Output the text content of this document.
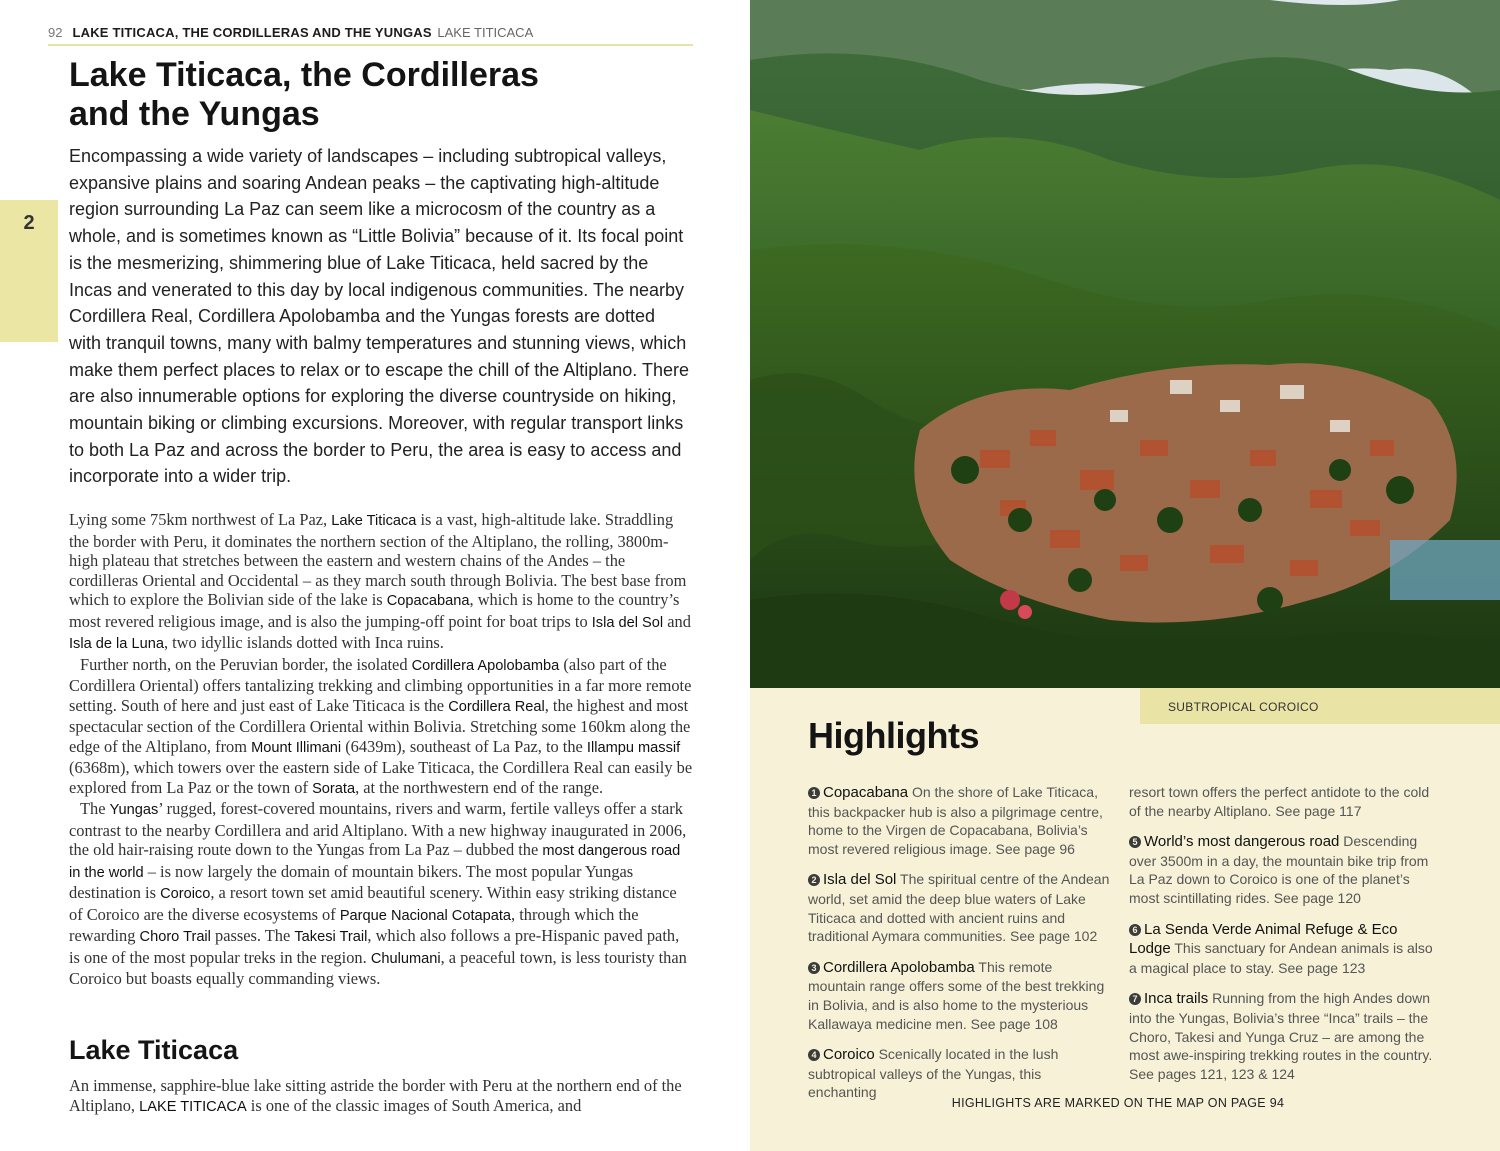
92 LAKE TITICACA, THE CORDILLERAS AND THE YUNGAS LAKE TITICACA
2
Lake Titicaca, the Cordilleras
and the Yungas

Encompassing a wide variety of landscapes – including subtropical valleys, expansive plains and soaring Andean peaks – the captivating high-altitude region surrounding La Paz can seem like a microcosm of the country as a whole, and is sometimes known as “Little Bolivia” because of it. Its focal point is the mesmerizing, shimmering blue of Lake Titicaca, held sacred by the Incas and venerated to this day by local indigenous communities. The nearby Cordillera Real, Cordillera Apolobamba and the Yungas forests are dotted with tranquil towns, many with balmy temperatures and stunning views, which make them perfect places to relax or to escape the chill of the Altiplano. There are also innumerable options for exploring the diverse countryside on hiking, mountain biking or climbing excursions. Moreover, with regular transport links to both La Paz and across the border to Peru, the area is easy to access and incorporate into a wider trip.

Lying some 75km northwest of La Paz, Lake Titicaca is a vast, high-altitude lake. Straddling the border with Peru, it dominates the northern section of the Altiplano, the rolling, 3800m-high plateau that stretches between the eastern and western chains of the Andes – the cordilleras Oriental and Occidental – as they march south through Bolivia. The best base from which to explore the Bolivian side of the lake is Copacabana, which is home to the country’s most revered religious image, and is also the jumping-off point for boat trips to Isla del Sol and Isla de la Luna, two idyllic islands dotted with Inca ruins.

Further north, on the Peruvian border, the isolated Cordillera Apolobamba (also part of the Cordillera Oriental) offers tantalizing trekking and climbing opportunities in a far more remote setting. South of here and just east of Lake Titicaca is the Cordillera Real, the highest and most spectacular section of the Cordillera Oriental within Bolivia. Stretching some 160km along the edge of the Altiplano, from Mount Illimani (6439m), southeast of La Paz, to the Illampu massif (6368m), which towers over the eastern side of Lake Titicaca, the Cordillera Real can easily be explored from La Paz or the town of Sorata, at the northwestern end of the range.

The Yungas’ rugged, forest-covered mountains, rivers and warm, fertile valleys offer a stark contrast to the nearby Cordillera and arid Altiplano. With a new highway inaugurated in 2006, the old hair-raising route down to the Yungas from La Paz – dubbed the most dangerous road in the world – is now largely the domain of mountain bikers. The most popular Yungas destination is Coroico, a resort town set amid beautiful scenery. Within easy striking distance of Coroico are the diverse ecosystems of Parque Nacional Cotapata, through which the rewarding Choro Trail passes. The Takesi Trail, which also follows a pre-Hispanic paved path, is one of the most popular treks in the region. Chulumani, a peaceful town, is less touristy than Coroico but boasts equally commanding views.

Lake Titicaca

An immense, sapphire-blue lake sitting astride the border with Peru at the northern end of the Altiplano, LAKE TITICACA is one of the classic images of South America, and

SUBTROPICAL COROICO
Highlights
1 Copacabana On the shore of Lake Titicaca, this backpacker hub is also a pilgrimage centre, home to the Virgen de Copacabana, Bolivia’s most revered religious image. See page 96
2 Isla del Sol The spiritual centre of the Andean world, set amid the deep blue waters of Lake Titicaca and dotted with ancient ruins and traditional Aymara communities. See page 102
3 Cordillera Apolobamba This remote mountain range offers some of the best trekking in Bolivia, and is also home to the mysterious Kallawaya medicine men. See page 108
4 Coroico Scenically located in the lush subtropical valleys of the Yungas, this enchanting
resort town offers the perfect antidote to the cold of the nearby Altiplano. See page 117
5 World’s most dangerous road Descending over 3500m in a day, the mountain bike trip from La Paz down to Coroico is one of the planet’s most scintillating rides. See page 120
6 La Senda Verde Animal Refuge & Eco Lodge This sanctuary for Andean animals is also a magical place to stay. See page 123
7 Inca trails Running from the high Andes down into the Yungas, Bolivia’s three “Inca” trails – the Choro, Takesi and Yunga Cruz – are among the most awe-inspiring trekking routes in the country. See pages 121, 123 & 124
HIGHLIGHTS ARE MARKED ON THE MAP ON PAGE 94
